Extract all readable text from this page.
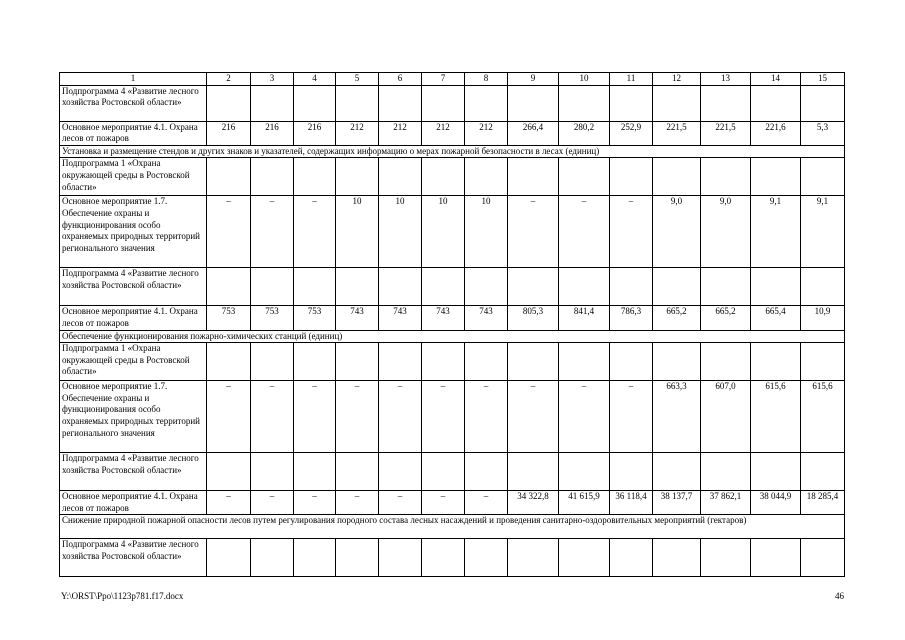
1	2	3	4	5	6	7	8	9	10	11	12	13	14	15
Подпрограмма 4 «Развитие лесного хозяйства Ростовской области»														
Основное мероприятие 4.1. Охрана лесов от пожаров	216	216	216	212	212	212	212	266,4	280,2	252,9	221,5	221,5	221,6	5,3
Установка и размещение стендов и других знаков и указателей, содержащих информацию о мерах пожарной безопасности в лесах (единиц)														
Подпрограмма 1 «Охрана окружающей среды в Ростовской области»														
Основное мероприятие 1.7. Обеспечение охраны и функционирования особо охраняемых природных территорий регионального значения	–	–	–	10	10	10	10	–	–	–	9,0	9,0	9,1	9,1
Подпрограмма 4 «Развитие лесного хозяйства Ростовской области»														
Основное мероприятие 4.1. Охрана лесов от пожаров	753	753	753	743	743	743	743	805,3	841,4	786,3	665,2	665,2	665,4	10,9
Обеспечение функционирования пожарно-химических станций (единиц)														
Подпрограмма 1 «Охрана окружающей среды в Ростовской области»														
Основное мероприятие 1.7. Обеспечение охраны и функционирования особо охраняемых природных территорий регионального значения	–	–	–	–	–	–	–	–	–	–	663,3	607,0	615,6	615,6
Подпрограмма 4 «Развитие лесного хозяйства Ростовской области»														
Основное мероприятие 4.1. Охрана лесов от пожаров	–	–	–	–	–	–	–	34 322,8	41 615,9	36 118,4	38 137,7	37 862,1	38 044,9	18 285,4
Снижение природной пожарной опасности лесов путем регулирования породного состава лесных насаждений и проведения санитарно-оздоровительных мероприятий (гектаров)														
Подпрограмма 4 «Развитие лесного хозяйства Ростовской области»														
Y:\ORST\Ppo\1123p781.f17.docx	46
